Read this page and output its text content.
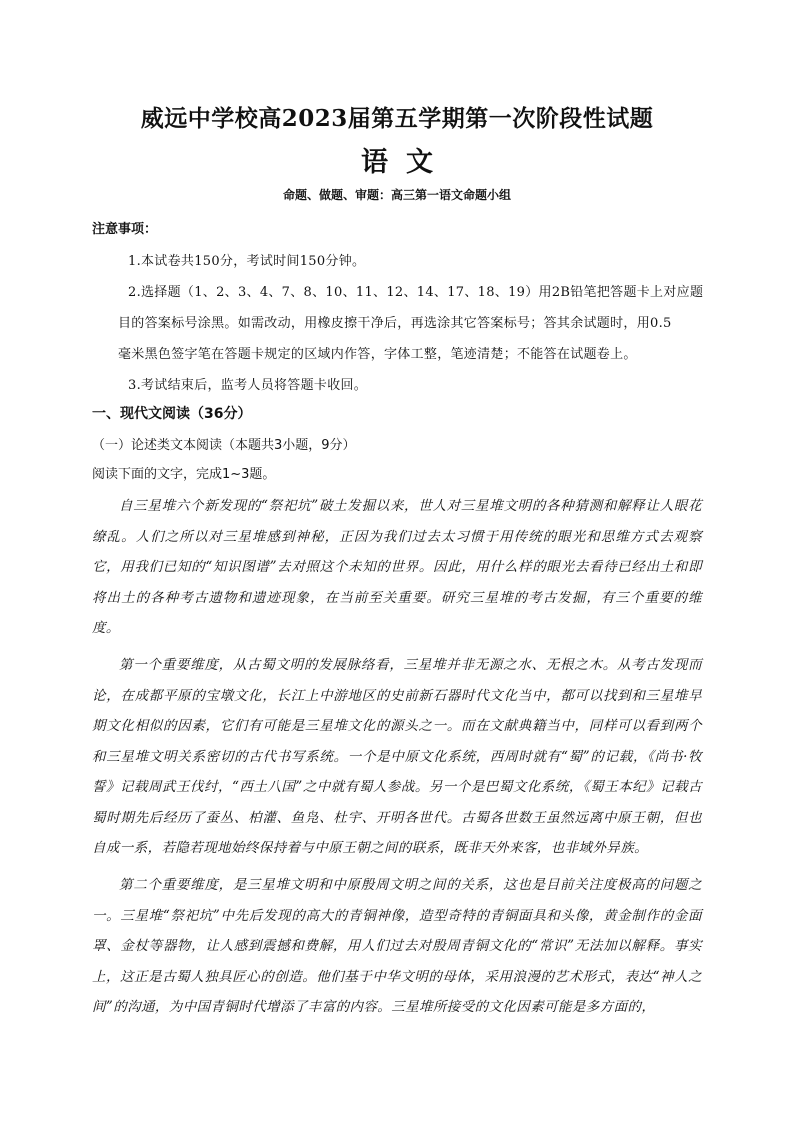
威远中学校高2023届第五学期第一次阶段性试题
语文
命题、做题、审题：高三第一语文命题小组
注意事项：
1.本试卷共150分，考试时间150分钟。
2.选择题（1、2、3、4、7、8、10、11、12、14、17、18、19）用2B铅笔把答题卡上对应题
目的答案标号涂黑。如需改动，用橡皮擦干净后，再选涂其它答案标号；答其余试题时，用0.5
毫米黑色签字笔在答题卡规定的区域内作答，字体工整，笔迹清楚；不能答在试题卷上。
3.考试结束后，监考人员将答题卡收回。
一、现代文阅读（36分）
（一）论述类文本阅读（本题共3小题，9分）
阅读下面的文字，完成1~3题。
自三星堆六个新发现的“祭祀坑”破土发掘以来，世人对三星堆文明的各种猜测和解释让人眼花缭乱。人们之所以对三星堆感到神秘，正因为我们过去太习惯于用传统的眼光和思维方式去观察它，用我们已知的“知识图谱”去对照这个未知的世界。因此，用什么样的眼光去看待已经出土和即将出土的各种考古遗物和遗迹现象，在当前至关重要。研究三星堆的考古发掘，有三个重要的维度。
第一个重要维度，从古蜀文明的发展脉络看，三星堆并非无源之水、无根之木。从考古发现而论，在成都平原的宝墩文化，长江上中游地区的史前新石器时代文化当中，都可以找到和三星堆早期文化相似的因素，它们有可能是三星堆文化的源头之一。而在文献典籍当中，同样可以看到两个和三星堆文明关系密切的古代书写系统。一个是中原文化系统，西周时就有“蜀”的记载，《尚书·牧誓》记载周武王伐纣，“西土八国”之中就有蜀人参战。另一个是巴蜀文化系统，《蜀王本纪》记载古蜀时期先后经历了蚕丛、柏灌、鱼凫、杜宇、开明各世代。古蜀各世数王虽然远离中原王朝，但也自成一系，若隐若现地始终保持着与中原王朝之间的联系，既非天外来客，也非域外异族。
第二个重要维度，是三星堆文明和中原殷周文明之间的关系，这也是目前关注度极高的问题之一。三星堆“祭祀坑”中先后发现的高大的青铜神像，造型奇特的青铜面具和头像，黄金制作的金面罩、金杖等器物，让人感到震撼和费解，用人们过去对殷周青铜文化的“常识”无法加以解释。事实上，这正是古蜀人独具匠心的创造。他们基于中华文明的母体，采用浪漫的艺术形式，表达“神人之间”的沟通，为中国青铜时代增添了丰富的内容。三星堆所接受的文化因素可能是多方面的，
